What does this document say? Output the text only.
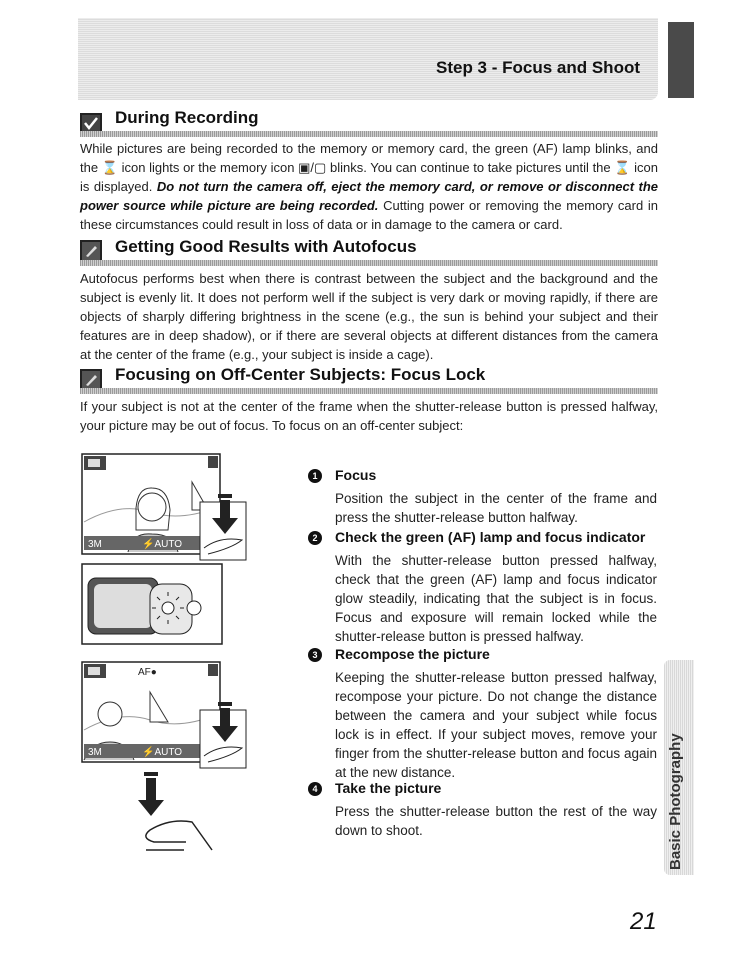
Step 3 - Focus and Shoot
Basic Photography
During Recording
While pictures are being recorded to the memory or memory card, the green (AF) lamp blinks, and the ⌛ icon lights or the memory icon ▣/▢ blinks. You can continue to take pictures until the ⌛ icon is displayed. Do not turn the camera off, eject the memory card, or remove or disconnect the power source while picture are being recorded. Cutting power or removing the memory card in these circumstances could result in loss of data or in damage to the camera or card.
Getting Good Results with Autofocus
Autofocus performs best when there is contrast between the subject and the background and the subject is evenly lit. It does not perform well if the subject is very dark or moving rapidly, if there are objects of sharply differing brightness in the scene (e.g., the sun is behind your subject and their features are in deep shadow), or if there are several objects at different distances from the camera at the center of the frame (e.g., your subject is inside a cage).
Focusing on Off-Center Subjects: Focus Lock
If your subject is not at the center of the frame when the shutter-release button is pressed halfway, your picture may be out of focus. To focus on an off-center subject:
3M	⚡AUTO
AF●
3M	⚡AUTO
1	Focus
Position the subject in the center of the frame and press the shutter-release button halfway.
2	Check the green (AF) lamp and focus indicator
With the shutter-release button pressed halfway, check that the green (AF) lamp and focus indicator glow steadily, indicating that the subject is in focus. Focus and exposure will remain locked while the shutter-release button is pressed halfway.
3	Recompose the picture
Keeping the shutter-release button pressed halfway, recompose your picture. Do not change the distance between the camera and your subject while focus lock is in effect. If your subject moves, remove your finger from the shutter-release button and focus again at the new distance.
4	Take the picture
Press the shutter-release button the rest of the way down to shoot.
21
